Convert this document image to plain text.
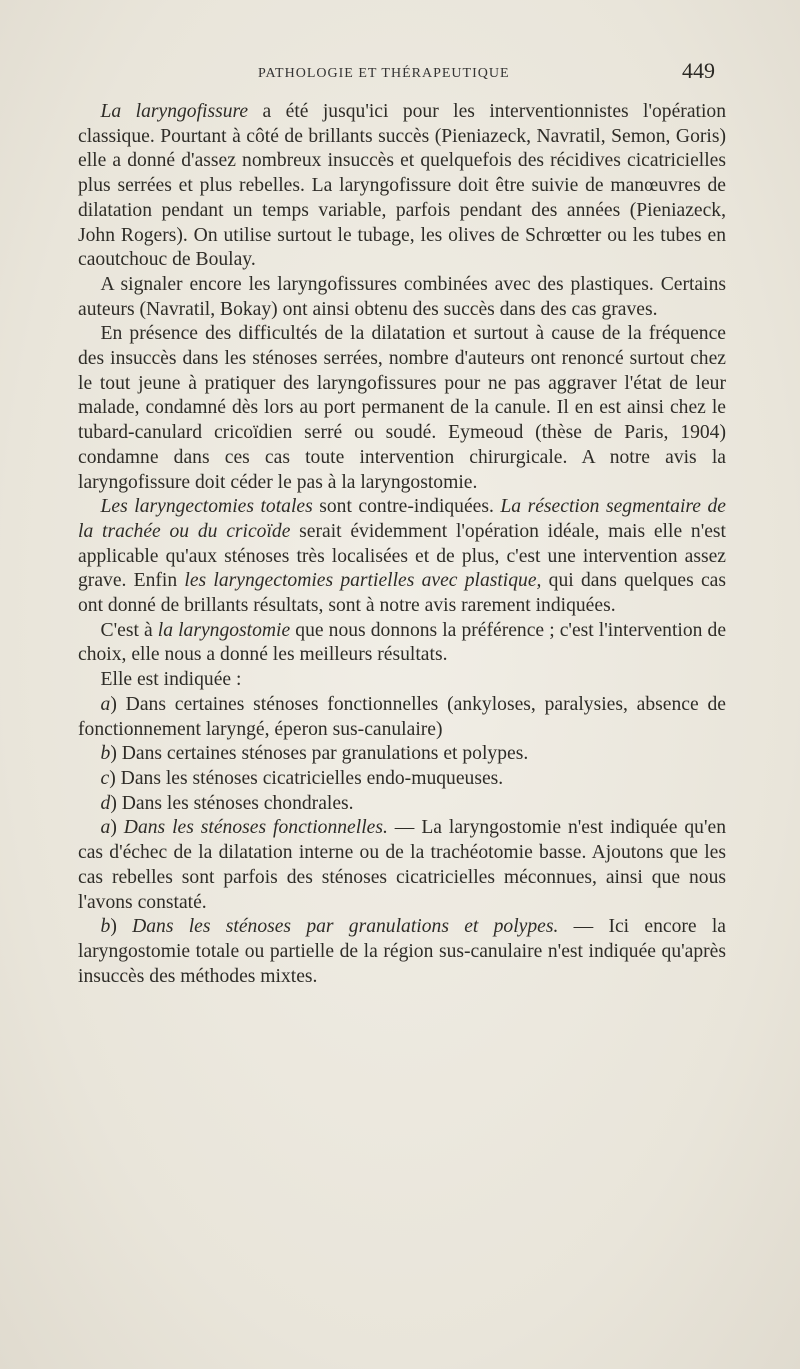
PATHOLOGIE ET THÉRAPEUTIQUE	449

La laryngofissure a été jusqu'ici pour les interventionnistes l'opération classique. Pourtant à côté de brillants succès (Pieniazeck, Navratil, Semon, Goris) elle a donné d'assez nombreux insuccès et quelquefois des récidives cicatricielles plus serrées et plus rebelles. La laryngofissure doit être suivie de manœuvres de dilatation pendant un temps variable, parfois pendant des années (Pieniazeck, John Rogers). On utilise surtout le tubage, les olives de Schrœtter ou les tubes en caoutchouc de Boulay.

A signaler encore les laryngofissures combinées avec des plastiques. Certains auteurs (Navratil, Bokay) ont ainsi obtenu des succès dans des cas graves.

En présence des difficultés de la dilatation et surtout à cause de la fréquence des insuccès dans les sténoses serrées, nombre d'auteurs ont renoncé surtout chez le tout jeune à pratiquer des laryngofissures pour ne pas aggraver l'état de leur malade, condamné dès lors au port permanent de la canule. Il en est ainsi chez le tubard-canulard cricoïdien serré ou soudé. Eymeoud (thèse de Paris, 1904) condamne dans ces cas toute intervention chirurgicale. A notre avis la laryngofissure doit céder le pas à la laryngostomie.

Les laryngectomies totales sont contre-indiquées. La résection segmentaire de la trachée ou du cricoïde serait évidemment l'opération idéale, mais elle n'est applicable qu'aux sténoses très localisées et de plus, c'est une intervention assez grave. Enfin les laryngectomies partielles avec plastique, qui dans quelques cas ont donné de brillants résultats, sont à notre avis rarement indiquées.

C'est à la laryngostomie que nous donnons la préférence ; c'est l'intervention de choix, elle nous a donné les meilleurs résultats.

Elle est indiquée :

a) Dans certaines sténoses fonctionnelles (ankyloses, paralysies, absence de fonctionnement laryngé, éperon sus-canulaire)

b) Dans certaines sténoses par granulations et polypes.

c) Dans les sténoses cicatricielles endo-muqueuses.

d) Dans les sténoses chondrales.

a) Dans les sténoses fonctionnelles. — La laryngostomie n'est indiquée qu'en cas d'échec de la dilatation interne ou de la trachéotomie basse. Ajoutons que les cas rebelles sont parfois des sténoses cicatricielles méconnues, ainsi que nous l'avons constaté.

b) Dans les sténoses par granulations et polypes. — Ici encore la laryngostomie totale ou partielle de la région sus-canulaire n'est indiquée qu'après insuccès des méthodes mixtes.
